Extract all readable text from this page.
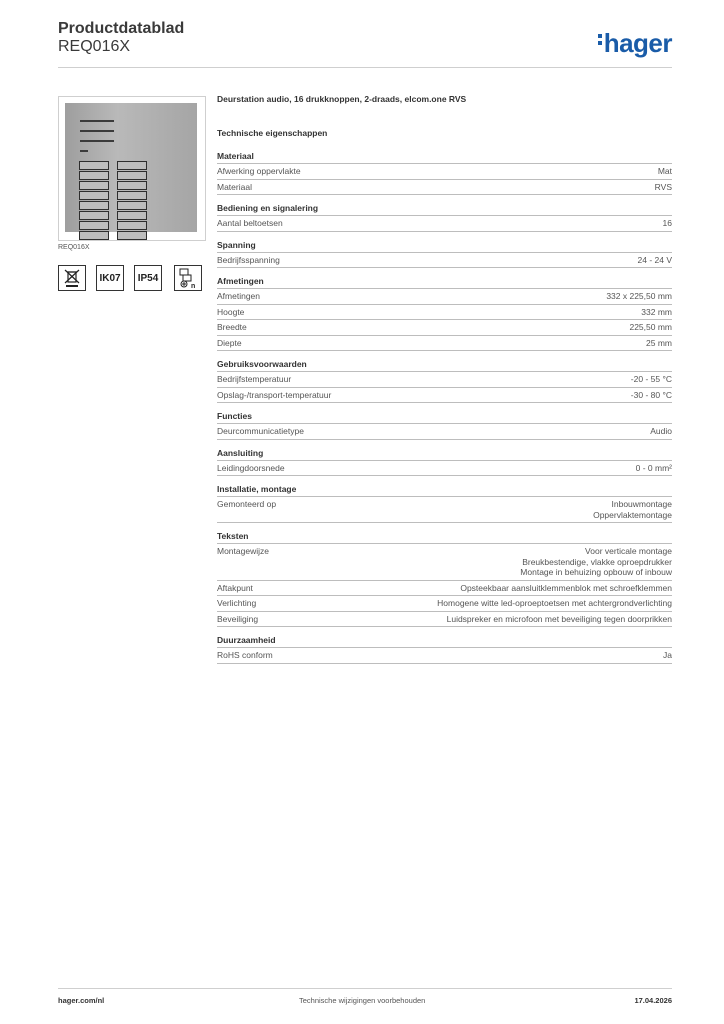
Productdatablad
REQ016X	hager
REQ016X
IK07 IP54
n
Deurstation audio, 16 drukknoppen, 2-draads, elcom.one RVS
Technische eigenschappen
Materiaal
Afwerking oppervlakte	Mat
Materiaal	RVS
Bediening en signalering
Aantal beltoetsen	16
Spanning
Bedrijfsspanning	24 - 24 V
Afmetingen
Afmetingen	332 x 225,50 mm
Hoogte	332 mm
Breedte	225,50 mm
Diepte	25 mm
Gebruiksvoorwaarden
Bedrijfstemperatuur	-20 - 55 °C
Opslag-/transport-temperatuur	-30 - 80 °C
Functies
Deurcommunicatietype	Audio
Aansluiting
Leidingdoorsnede	0 - 0 mm²
Installatie, montage
Gemonteerd op	Inbouwmontage
Oppervlaktemontage
Teksten
Montagewijze	Voor verticale montage
Breukbestendige, vlakke oproepdrukker
Montage in behuizing opbouw of inbouw
Aftakpunt	Opsteekbaar aansluitklemmenblok met schroefklemmen
Verlichting	Homogene witte led-oproeptoetsen met achtergrondverlichting
Beveiliging	Luidspreker en microfoon met beveiliging tegen doorprikken
Duurzaamheid
RoHS conform	Ja
hager.com/nl	Technische wijzigingen voorbehouden	17.04.2026
